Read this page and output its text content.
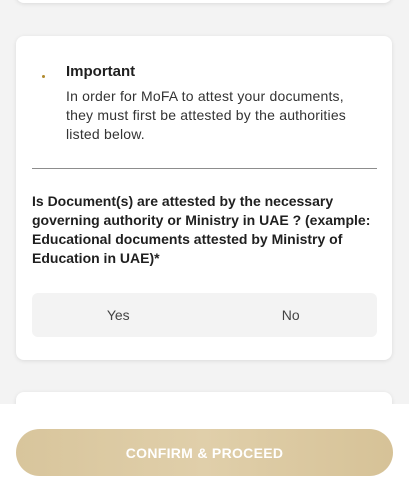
Important
In order for MoFA to attest your documents, they must first be attested by the authorities listed below.
Is Document(s) are attested by the necessary governing authority or Ministry in UAE ? (example: Educational documents attested by Ministry of Education in UAE)*
Yes	No
CONFIRM & PROCEED
